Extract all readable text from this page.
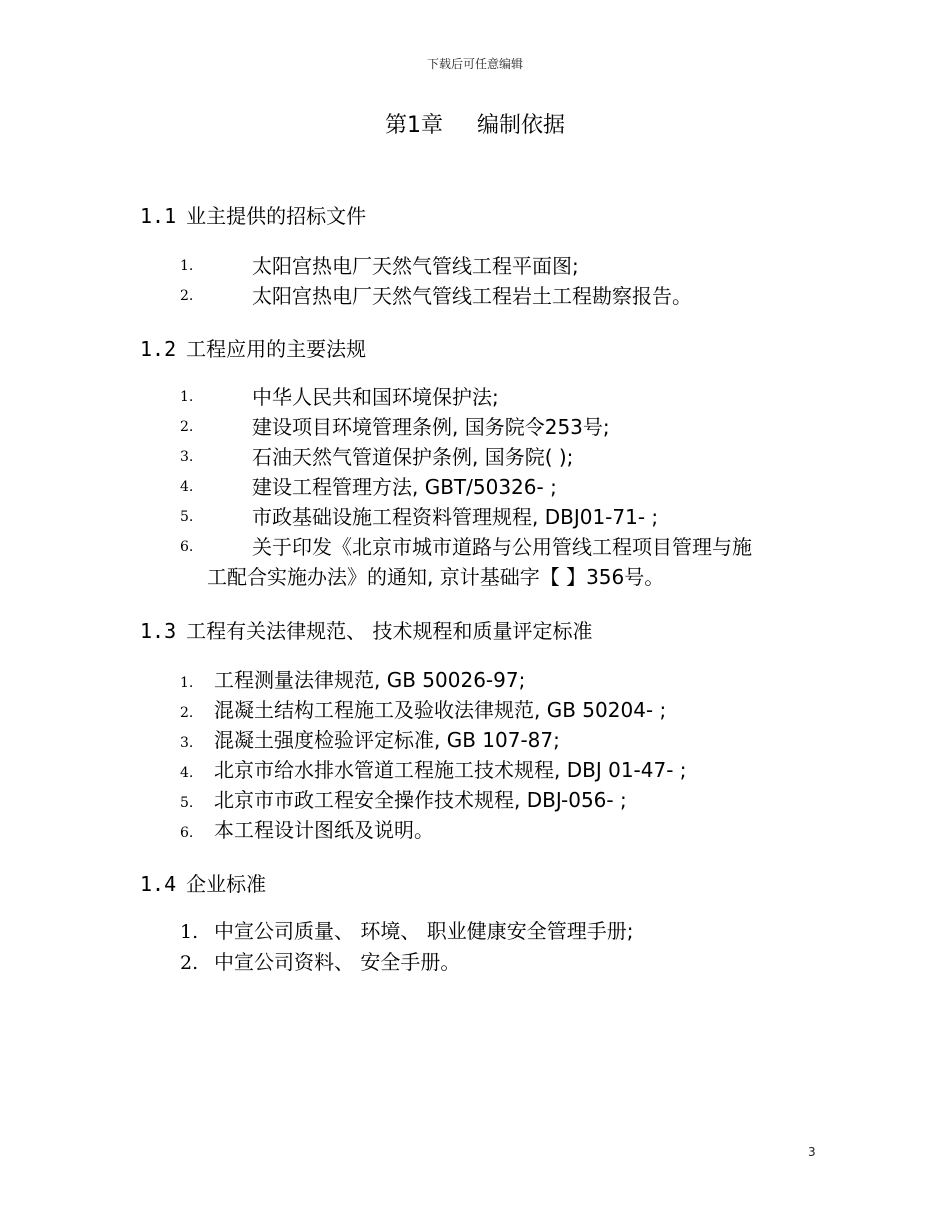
下载后可任意编辑
第1章 编制依据
1.1 业主提供的招标文件
1.	太阳宫热电厂天然气管线工程平面图;
2.	太阳宫热电厂天然气管线工程岩土工程勘察报告。
1.2 工程应用的主要法规
1.	中华人民共和国环境保护法;
2.	建设项目环境管理条例, 国务院令253号;
3.	石油天然气管道保护条例, 国务院( );
4.	建设工程管理方法, GBT/50326- ;
5.	市政基础设施工程资料管理规程, DBJ01-71- ;
6.	关于印发《北京市城市道路与公用管线工程项目管理与施
工配合实施办法》的通知, 京计基础字【 】356号。
1.3 工程有关法律规范、 技术规程和质量评定标准
1. 工程测量法律规范, GB 50026-97;
2. 混凝土结构工程施工及验收法律规范, GB 50204- ;
3. 混凝土强度检验评定标准, GB 107-87;
4. 北京市给水排水管道工程施工技术规程, DBJ 01-47- ;
5. 北京市市政工程安全操作技术规程, DBJ-056- ;
6. 本工程设计图纸及说明。
1.4 企业标准
1. 中宣公司质量、 环境、 职业健康安全管理手册;
2. 中宣公司资料、 安全手册。
3
